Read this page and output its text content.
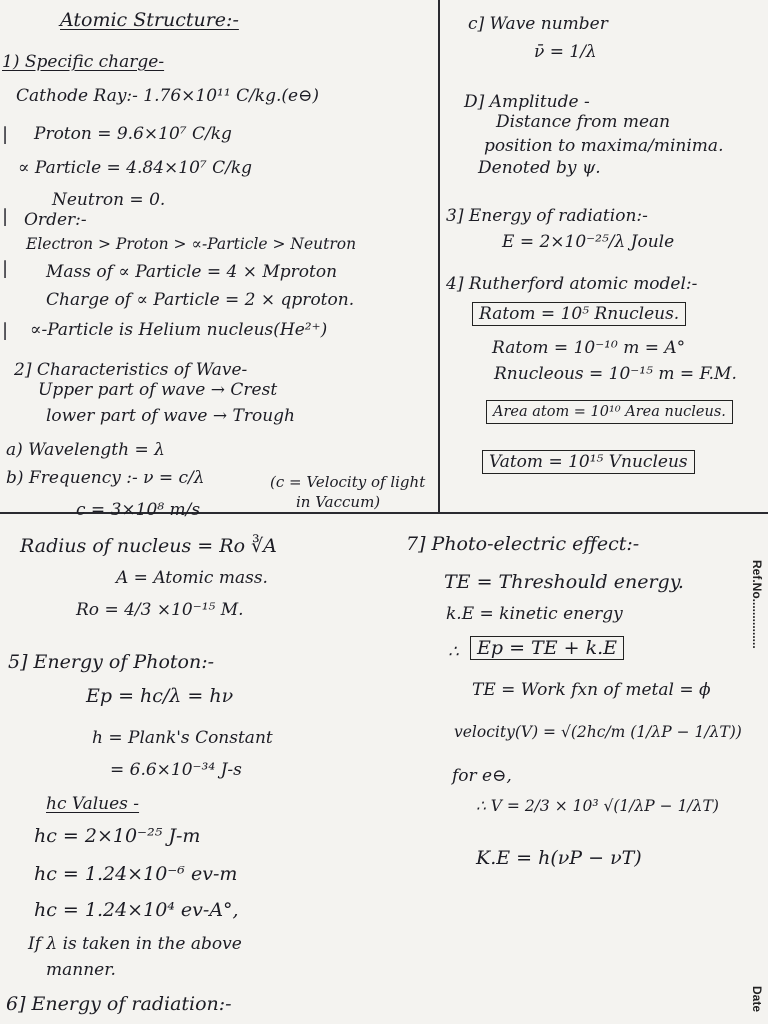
|
|
|
|
Atomic Structure:-
1) Specific charge-
Cathode Ray:- 1.76×10¹¹ C/kg.(e⊖)
Proton = 9.6×10⁷ C/kg
∝ Particle = 4.84×10⁷ C/kg
Neutron = 0.
Order:-
Electron > Proton > ∝-Particle > Neutron
Mass of ∝ Particle = 4 × Mproton
Charge of ∝ Particle = 2 × qproton.
∝-Particle is Helium nucleus(He²⁺)
2] Characteristics of Wave-
Upper part of wave → Crest
lower part of wave → Trough
a) Wavelength = λ
b) Frequency :- ν = c/λ	(c = Velocity of light
in Vaccum)
c = 3×10⁸ m/s
c] Wave number
ν̄ = 1/λ
D] Amplitude -
Distance from mean
position to maxima/minima.
Denoted by ψ.
3] Energy of radiation:-
E = 2×10⁻²⁵/λ Joule
4] Rutherford atomic model:-
Ratom = 10⁵ Rnucleus.
Ratom = 10⁻¹⁰ m = A°
Rnucleous = 10⁻¹⁵ m = F.M.
Area atom = 10¹⁰ Area nucleus.
Vatom = 10¹⁵ Vnucleus
Radius of nucleus = Ro ∛A
A = Atomic mass.
Ro = 4/3 ×10⁻¹⁵ M.
5] Energy of Photon:-
Ep = hc/λ = hν
h = Plank's Constant
= 6.6×10⁻³⁴ J-s
hc Values -
hc = 2×10⁻²⁵ J-m
hc = 1.24×10⁻⁶ ev-m
hc = 1.24×10⁴ ev-A°,
If λ is taken in the above
manner.
6] Energy of radiation:-
7] Photo-electric effect:-
TE = Threshould energy.
k.E = kinetic energy
∴ Ep = TE + k.E
TE = Work fxn of metal = ϕ
velocity(V) = √(2hc/m (1/λP − 1/λT))
for e⊖,
∴ V = 2/3 × 10³ √(1/λP − 1/λT)
K.E = h(νP − νT)
Ref.No...............
Date
